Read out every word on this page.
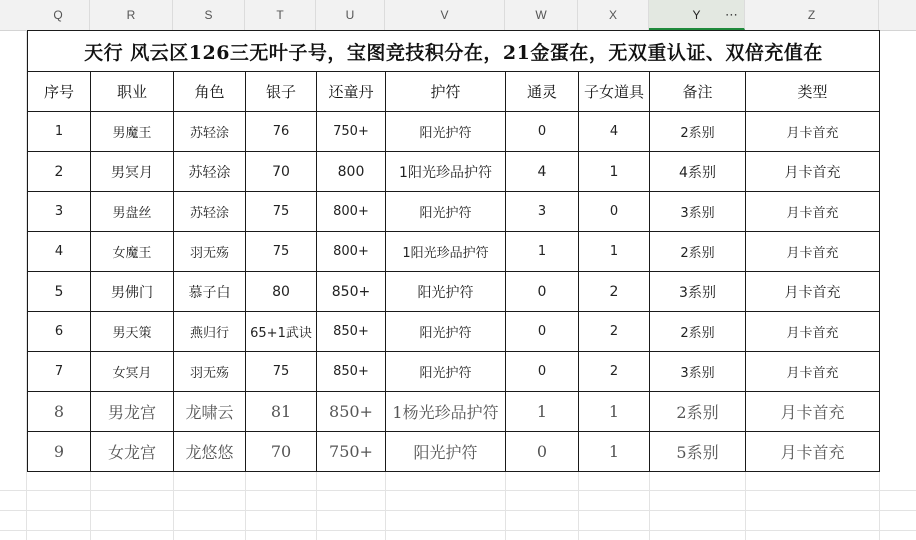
Q	R	S	T	U	V	W	X	Y ⋯	Z
天行 风云区126三无叶子号，宝图竞技积分在，21金蛋在，无双重认证、双倍充值在									
序号	职业	角色	银子	还童丹	护符	通灵	子女道具	备注	类型
1	男魔王	苏轻涂	76	750+	阳光护符	0	4	2系别	月卡首充
2	男冥月	苏轻涂	70	800	1阳光珍品护符	4	1	4系别	月卡首充
3	男盘丝	苏轻涂	75	800+	阳光护符	3	0	3系别	月卡首充
4	女魔王	羽无殇	75	800+	1阳光珍品护符	1	1	2系别	月卡首充
5	男佛门	慕子白	80	850+	阳光护符	0	2	3系别	月卡首充
6	男天策	燕归行	65+1武诀	850+	阳光护符	0	2	2系别	月卡首充
7	女冥月	羽无殇	75	850+	阳光护符	0	2	3系别	月卡首充
8	男龙宫	龙啸云	81	850+	1杨光珍品护符	1	1	2系别	月卡首充
9	女龙宫	龙悠悠	70	750+	阳光护符	0	1	5系别	月卡首充
